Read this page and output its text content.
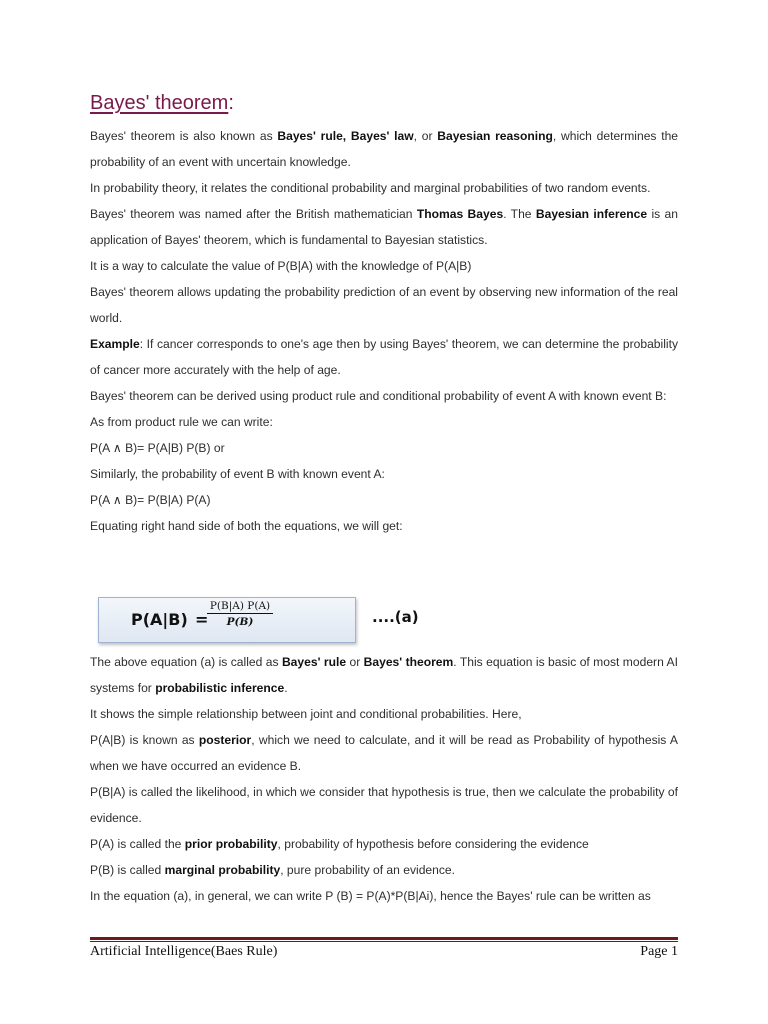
Bayes' theorem:

Bayes' theorem is also known as Bayes' rule, Bayes' law, or Bayesian reasoning, which determines the probability of an event with uncertain knowledge.

In probability theory, it relates the conditional probability and marginal probabilities of two random events.

Bayes' theorem was named after the British mathematician Thomas Bayes. The Bayesian inference is an application of Bayes' theorem, which is fundamental to Bayesian statistics.

It is a way to calculate the value of P(B|A) with the knowledge of P(A|B)

Bayes' theorem allows updating the probability prediction of an event by observing new information of the real world.

Example: If cancer corresponds to one's age then by using Bayes' theorem, we can determine the probability of cancer more accurately with the help of age.

Bayes' theorem can be derived using product rule and conditional probability of event A with known event B:

As from product rule we can write:

P(A ∧ B)= P(A|B) P(B) or

Similarly, the probability of event B with known event A:

P(A ∧ B)= P(B|A) P(A)

Equating right hand side of both the equations, we will get:

P(A|B) =
$\frac{P(B|A) P(A)}{P(B)}$	....(a)

The above equation (a) is called as Bayes' rule or Bayes' theorem. This equation is basic of most modern AI systems for probabilistic inference.

It shows the simple relationship between joint and conditional probabilities. Here,

P(A|B) is known as posterior, which we need to calculate, and it will be read as Probability of hypothesis A when we have occurred an evidence B.

P(B|A) is called the likelihood, in which we consider that hypothesis is true, then we calculate the probability of evidence.

P(A) is called the prior probability, probability of hypothesis before considering the evidence

P(B) is called marginal probability, pure probability of an evidence.

In the equation (a), in general, we can write P (B) = P(A)*P(B|Ai), hence the Bayes' rule can be written as

Artificial Intelligence(Baes Rule)	Page 1
